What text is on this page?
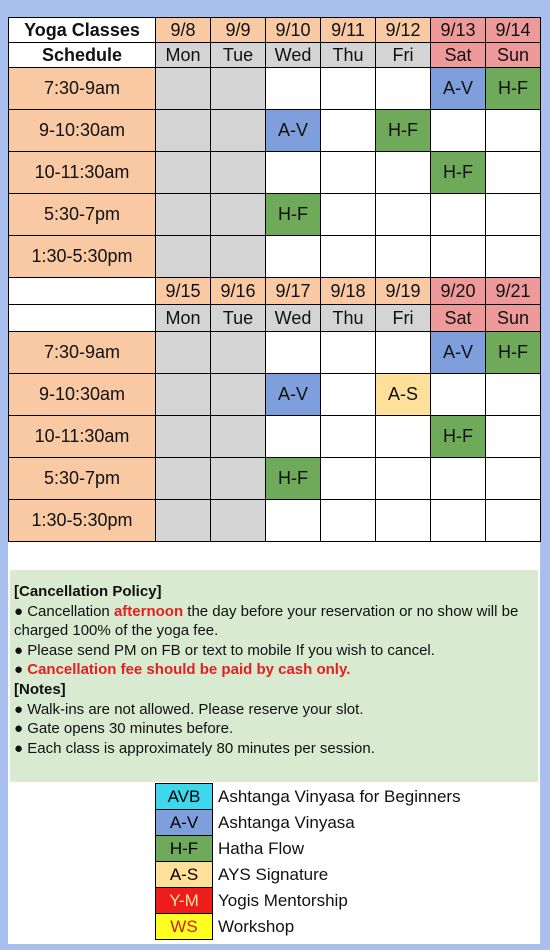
Yoga Classes	9/8	9/9	9/10	9/11	9/12	9/13	9/14
Schedule	Mon	Tue	Wed	Thu	Fri	Sat	Sun
7:30-9am						A-V	H-F
9-10:30am			A-V		H-F		
10-11:30am						H-F	
5:30-7pm			H-F				
1:30-5:30pm							
	9/15	9/16	9/17	9/18	9/19	9/20	9/21
	Mon	Tue	Wed	Thu	Fri	Sat	Sun
7:30-9am						A-V	H-F
9-10:30am			A-V		A-S		
10-11:30am						H-F	
5:30-7pm			H-F				
1:30-5:30pm							
[Cancellation Policy]
● Cancellation afternoon the day before your reservation or no show will be charged 100% of the yoga fee.
● Please send PM on FB or text to mobile If you wish to cancel.
● Cancellation fee should be paid by cash only.
[Notes]
● Walk-ins are not allowed. Please reserve your slot.
● Gate opens 30 minutes before.
● Each class is approximately 80 minutes per session.
AVB	Ashtanga Vinyasa for Beginners
A-V	Ashtanga Vinyasa
H-F	Hatha Flow
A-S	AYS Signature
Y-M	Yogis Mentorship
WS	Workshop
